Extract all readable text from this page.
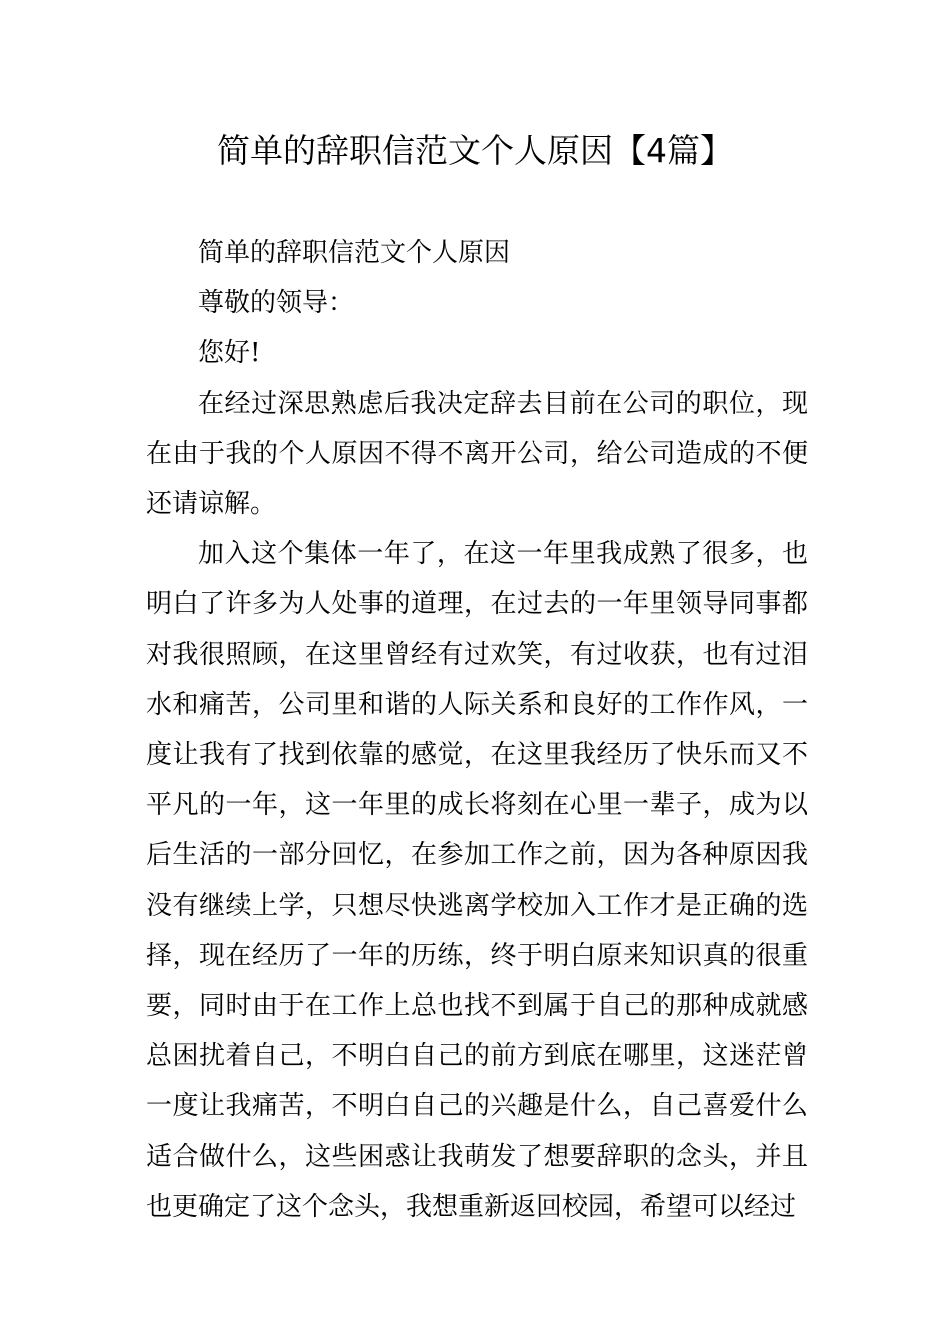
简单的辞职信范文个人原因【4篇】

简单的辞职信范文个人原因

尊敬的领导：

您好!

在经过深思熟虑后我决定辞去目前在公司的职位，现在由于我的个人原因不得不离开公司，给公司造成的不便还请谅解。

加入这个集体一年了，在这一年里我成熟了很多，也明白了许多为人处事的道理，在过去的一年里领导同事都对我很照顾，在这里曾经有过欢笑，有过收获，也有过泪水和痛苦，公司里和谐的人际关系和良好的工作作风，一度让我有了找到依靠的感觉，在这里我经历了快乐而又不平凡的一年，这一年里的成长将刻在心里一辈子，成为以后生活的一部分回忆，在参加工作之前，因为各种原因我没有继续上学，只想尽快逃离学校加入工作才是正确的选择，现在经历了一年的历练，终于明白原来知识真的很重要，同时由于在工作上总也找不到属于自己的那种成就感总困扰着自己，不明白自己的前方到底在哪里，这迷茫曾一度让我痛苦，不明白自己的兴趣是什么，自己喜爱什么适合做什么，这些困惑让我萌发了想要辞职的念头，并且也更确定了这个念头，我想重新返回校园，希望可以经过
